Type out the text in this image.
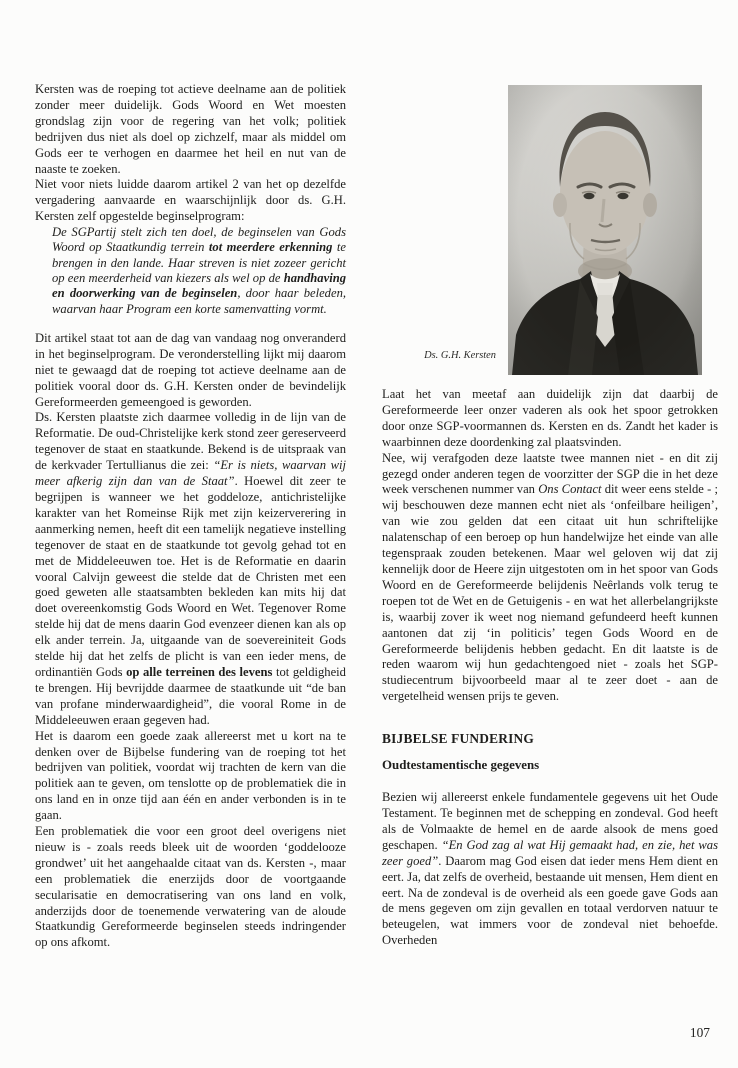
Ds. G.H. Kersten

Kersten was de roeping tot actieve deelname aan de politiek zonder meer duidelijk. Gods Woord en Wet moesten grondslag zijn voor de regering van het volk; politiek bedrijven dus niet als doel op zichzelf, maar als middel om Gods eer te verhogen en daarmee het heil en nut van de naaste te zoeken.

Niet voor niets luidde daarom artikel 2 van het op dezelfde vergadering aanvaarde en waarschijnlijk door ds. G.H. Kersten zelf opgestelde beginselprogram:

De SGPartij stelt zich ten doel, de beginselen van Gods Woord op Staatkundig terrein tot meerdere erkenning te brengen in den lande. Haar streven is niet zozeer gericht op een meerderheid van kiezers als wel op de handhaving en doorwerking van de beginselen, door haar beleden, waarvan haar Program een korte samenvatting vormt.

Dit artikel staat tot aan de dag van vandaag nog onveranderd in het beginselprogram. De veronderstelling lijkt mij daarom niet te gewaagd dat de roeping tot actieve deelname aan de politiek vooral door ds. G.H. Kersten onder de bevindelijk Gereformeerden gemeengoed is geworden.

Ds. Kersten plaatste zich daarmee volledig in de lijn van de Reformatie. De oud-Christelijke kerk stond zeer gereserveerd tegenover de staat en staatkunde. Bekend is de uitspraak van de kerkvader Tertullianus die zei: “Er is niets, waarvan wij meer afkerig zijn dan van de Staat”. Hoewel dit zeer te begrijpen is wanneer we het goddeloze, antichristelijke karakter van het Romeinse Rijk met zijn keizerverering in aanmerking nemen, heeft dit een tamelijk negatieve instelling tegenover de staat en de staatkunde tot gevolg gehad tot en met de Middeleeuwen toe. Het is de Reformatie en daarin vooral Calvijn geweest die stelde dat de Christen met een goed geweten alle staatsambten bekleden kan mits hij dat doet overeenkomstig Gods Woord en Wet. Tegenover Rome stelde hij dat de mens daarin God evenzeer dienen kan als op elk ander terrein. Ja, uitgaande van de soevereiniteit Gods stelde hij dat het zelfs de plicht is van een ieder mens, de ordinantiën Gods op alle terreinen des levens tot geldigheid te brengen. Hij bevrijdde daarmee de staatkunde uit “de ban van profane minderwaardigheid”, die vooral Rome in de Middeleeuwen eraan gegeven had.

Het is daarom een goede zaak allereerst met u kort na te denken over de Bijbelse fundering van de roeping tot het bedrijven van politiek, voordat wij trachten de kern van die politiek aan te geven, om tenslotte op de problematiek die in ons land en in onze tijd aan één en ander verbonden is in te gaan.

Een problematiek die voor een groot deel overigens niet nieuw is - zoals reeds bleek uit de woorden ‘goddelooze grondwet’ uit het aangehaalde citaat van ds. Kersten -, maar een problematiek die enerzijds door de voortgaande secularisatie en democratisering van ons land en volk, anderzijds door de toenemende verwatering van de aloude Staatkundig Gereformeerde beginselen steeds indringender op ons afkomt.

Laat het van meetaf aan duidelijk zijn dat daarbij de Gereformeerde leer onzer vaderen als ook het spoor getrokken door onze SGP-voormannen ds. Kersten en ds. Zandt het kader is waarbinnen deze doordenking zal plaatsvinden.

Nee, wij verafgoden deze laatste twee mannen niet - en dit zij gezegd onder anderen tegen de voorzitter der SGP die in het deze week verschenen nummer van Ons Contact dit weer eens stelde - ; wij beschouwen deze mannen echt niet als ‘onfeilbare heiligen’, van wie zou gelden dat een citaat uit hun schriftelijke nalatenschap of een beroep op hun handelwijze het einde van alle tegenspraak zouden betekenen. Maar wel geloven wij dat zij kennelijk door de Heere zijn uitgestoten om in het spoor van Gods Woord en de Gereformeerde belijdenis Neêrlands volk terug te roepen tot de Wet en de Getuigenis - en wat het allerbelangrijkste is, waarbij zover ik weet nog niemand gefundeerd heeft kunnen aantonen dat zij ‘in politicis’ tegen Gods Woord en de Gereformeerde belijdenis hebben gedacht. En dit laatste is de reden waarom wij hun gedachtengoed niet - zoals het SGP-studiecentrum bijvoorbeeld maar al te zeer doet - aan de vergetelheid wensen prijs te geven.

BIJBELSE FUNDERING
Oudtestamentische gegevens

Bezien wij allereerst enkele fundamentele gegevens uit het Oude Testament. Te beginnen met de schepping en zondeval. God heeft als de Volmaakte de hemel en de aarde alsook de mens goed geschapen. “En God zag al wat Hij gemaakt had, en zie, het was zeer goed”. Daarom mag God eisen dat ieder mens Hem dient en eert. Ja, dat zelfs de overheid, bestaande uit mensen, Hem dient en eert. Na de zondeval is de overheid als een goede gave Gods aan de mens gegeven om zijn gevallen en totaal verdorven natuur te beteugelen, wat immers voor de zondeval niet behoefde. Overheden

107
